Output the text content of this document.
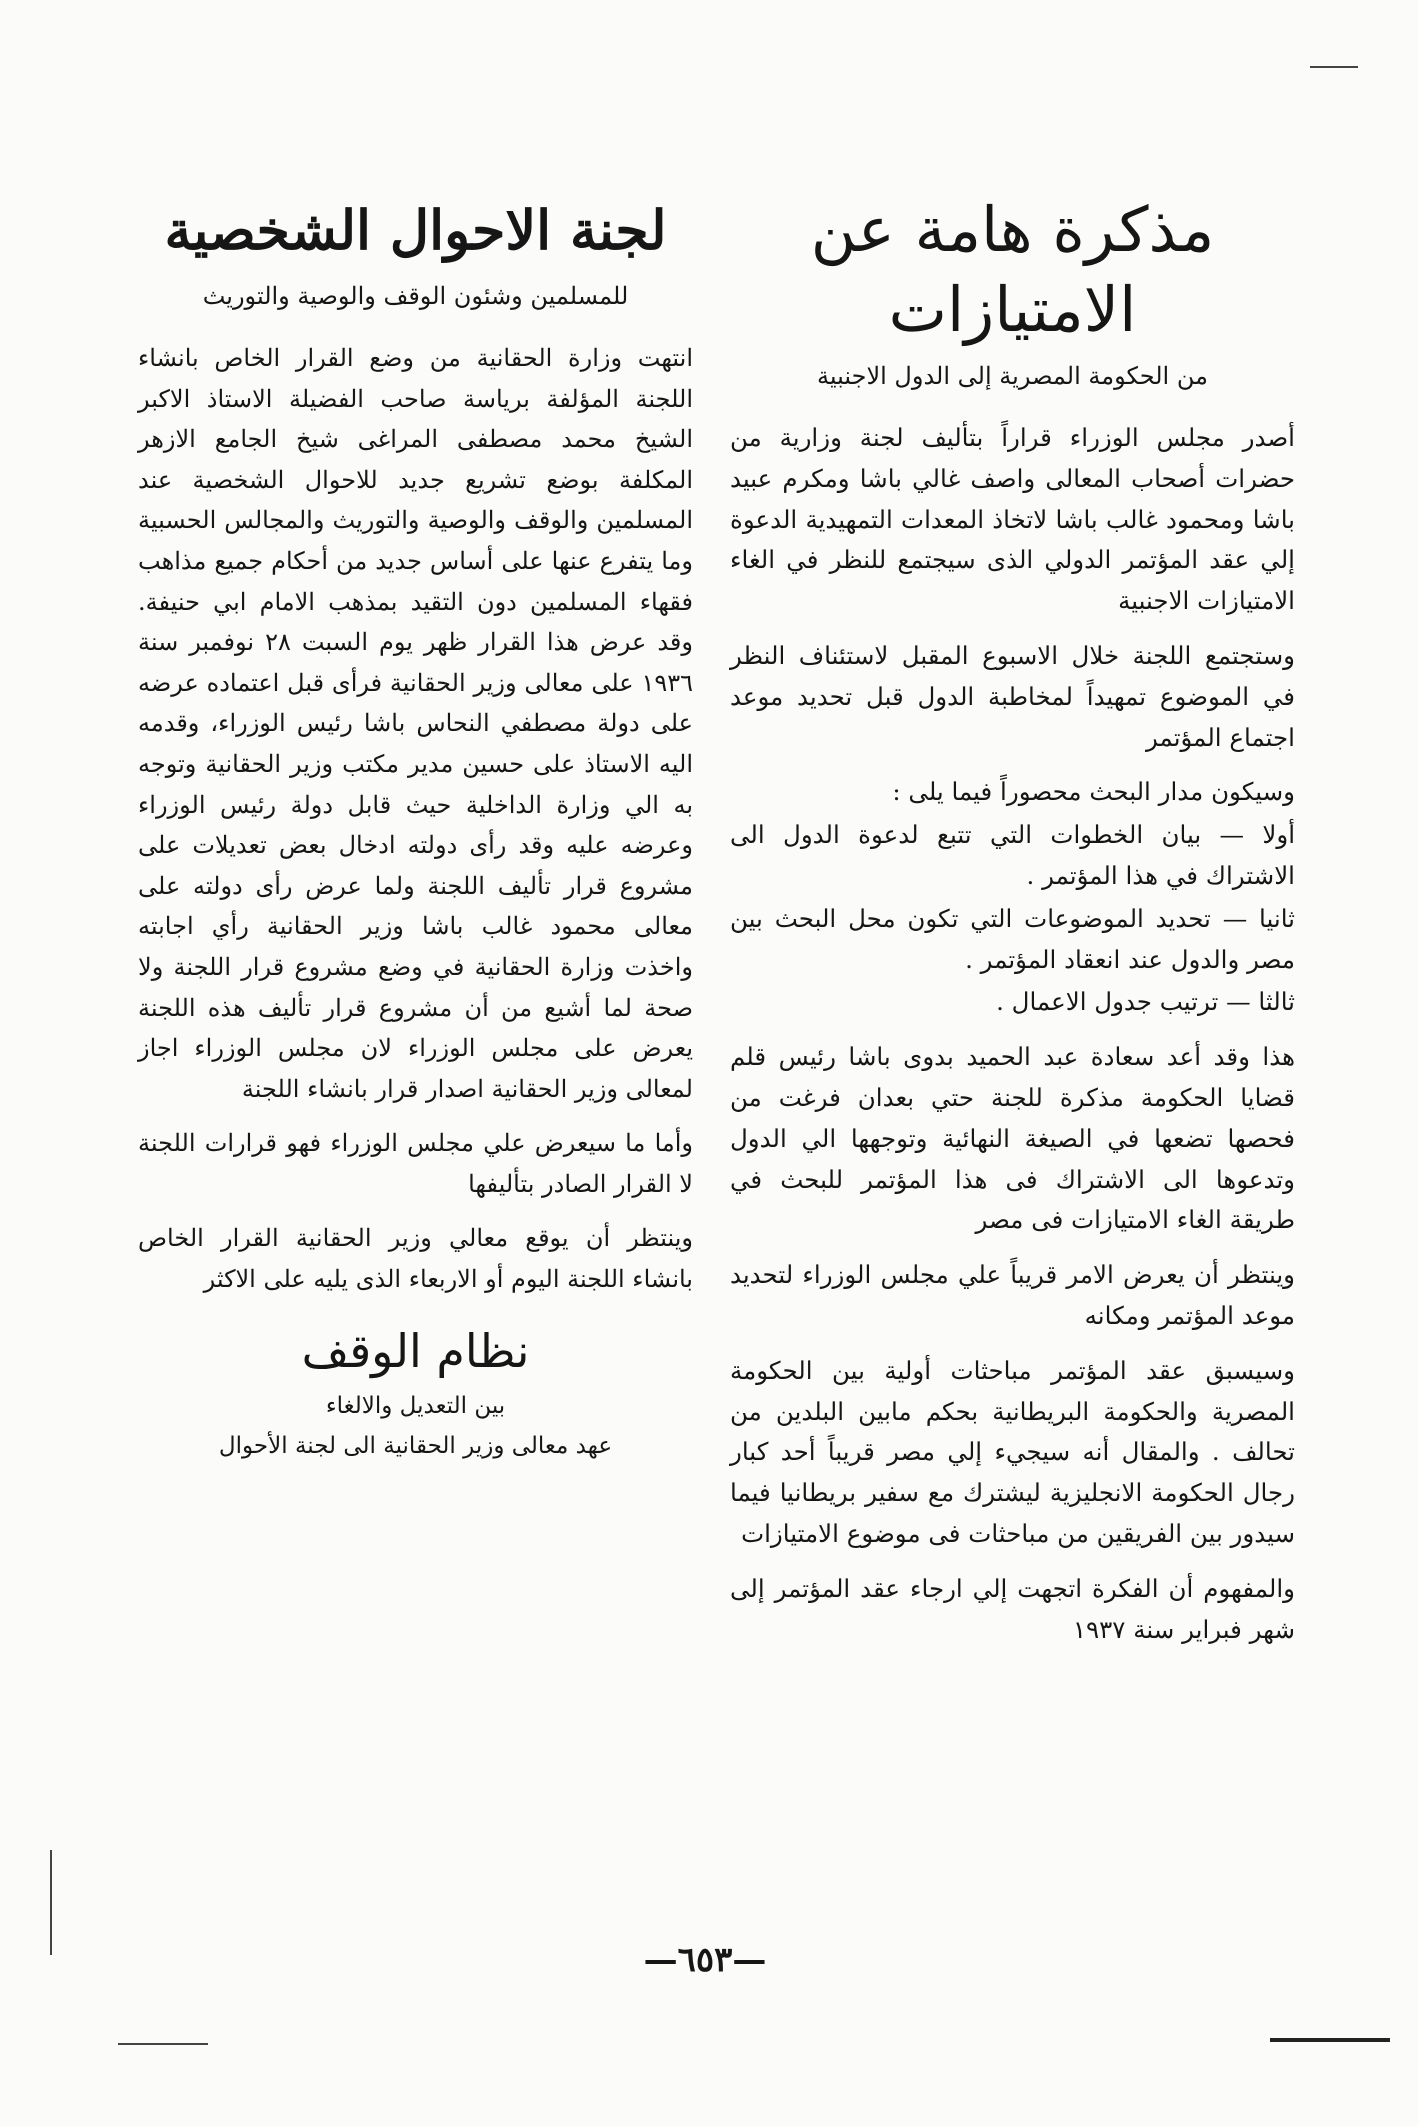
مذكرة هامة عن الامتيازات

من الحكومة المصرية إلى الدول الاجنبية

أصدر مجلس الوزراء قراراً بتأليف لجنة وزارية من حضرات أصحاب المعالى واصف غالي باشا ومكرم عبيد باشا ومحمود غالب باشا لاتخاذ المعدات التمهيدية الدعوة إلي عقد المؤتمر الدولي الذى سيجتمع للنظر في الغاء الامتيازات الاجنبية

وستجتمع اللجنة خلال الاسبوع المقبل لاستئناف النظر في الموضوع تمهيداً لمخاطبة الدول قبل تحديد موعد اجتماع المؤتمر

وسيكون مدار البحث محصوراً فيما يلى :

أولا — بيان الخطوات التي تتبع لدعوة الدول الى الاشتراك في هذا المؤتمر .

ثانيا — تحديد الموضوعات التي تكون محل البحث بين مصر والدول عند انعقاد المؤتمر .

ثالثا — ترتيب جدول الاعمال .

هذا وقد أعد سعادة عبد الحميد بدوى باشا رئيس قلم قضايا الحكومة مذكرة للجنة حتي بعدان فرغت من فحصها تضعها في الصيغة النهائية وتوجهها الي الدول وتدعوها الى الاشتراك فى هذا المؤتمر للبحث في طريقة الغاء الامتيازات فى مصر

وينتظر أن يعرض الامر قريباً علي مجلس الوزراء لتحديد موعد المؤتمر ومكانه

وسيسبق عقد المؤتمر مباحثات أولية بين الحكومة المصرية والحكومة البريطانية بحكم مابين البلدين من تحالف . والمقال أنه سيجيء إلي مصر قريباً أحد كبار رجال الحكومة الانجليزية ليشترك مع سفير بريطانيا فيما سيدور بين الفريقين من مباحثات فى موضوع الامتيازات

والمفهوم أن الفكرة اتجهت إلي ارجاء عقد المؤتمر إلى شهر فبراير سنة ١٩٣٧

لجنة الاحوال الشخصية

للمسلمين وشئون الوقف والوصية والتوريث

انتهت وزارة الحقانية من وضع القرار الخاص بانشاء اللجنة المؤلفة برياسة صاحب الفضيلة الاستاذ الاكبر الشيخ محمد مصطفى المراغى شيخ الجامع الازهر المكلفة بوضع تشريع جديد للاحوال الشخصية عند المسلمين والوقف والوصية والتوريث والمجالس الحسبية وما يتفرع عنها على أساس جديد من أحكام جميع مذاهب فقهاء المسلمين دون التقيد بمذهب الامام ابي حنيفة. وقد عرض هذا القرار ظهر يوم السبت ٢٨ نوفمبر سنة ١٩٣٦ على معالى وزير الحقانية فرأى قبل اعتماده عرضه على دولة مصطفي النحاس باشا رئيس الوزراء، وقدمه اليه الاستاذ على حسين مدير مكتب وزير الحقانية وتوجه به الي وزارة الداخلية حيث قابل دولة رئيس الوزراء وعرضه عليه وقد رأى دولته ادخال بعض تعديلات على مشروع قرار تأليف اللجنة ولما عرض رأى دولته على معالى محمود غالب باشا وزير الحقانية رأي اجابته واخذت وزارة الحقانية في وضع مشروع قرار اللجنة ولا صحة لما أشيع من أن مشروع قرار تأليف هذه اللجنة يعرض على مجلس الوزراء لان مجلس الوزراء اجاز لمعالى وزير الحقانية اصدار قرار بانشاء اللجنة

وأما ما سيعرض علي مجلس الوزراء فهو قرارات اللجنة لا القرار الصادر بتأليفها

وينتظر أن يوقع معالي وزير الحقانية القرار الخاص بانشاء اللجنة اليوم أو الاربعاء الذى يليه على الاكثر

نظام الوقف

بين التعديل والالغاء

عهد معالى وزير الحقانية الى لجنة الأحوال

—٦٥٣—
